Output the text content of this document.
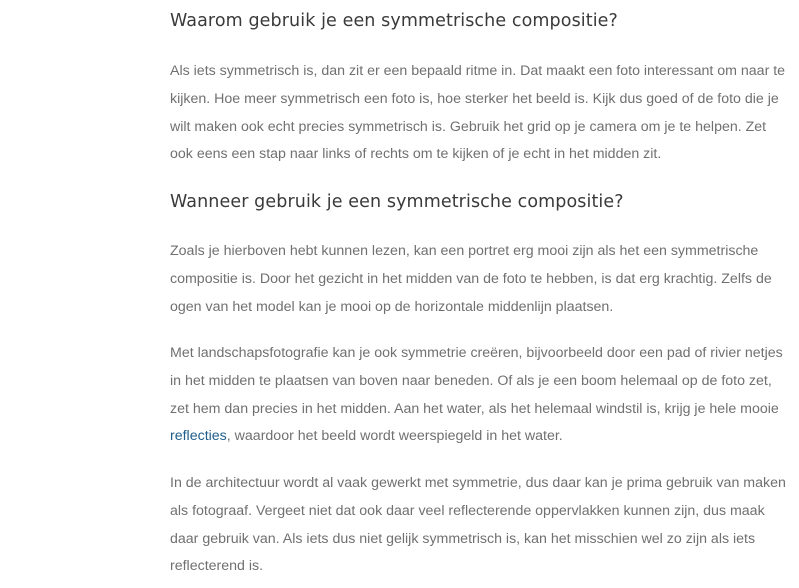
Waarom gebruik je een symmetrische compositie?

Als iets symmetrisch is, dan zit er een bepaald ritme in. Dat maakt een foto interessant om naar te kijken. Hoe meer symmetrisch een foto is, hoe sterker het beeld is. Kijk dus goed of de foto die je wilt maken ook echt precies symmetrisch is. Gebruik het grid op je camera om je te helpen. Zet ook eens een stap naar links of rechts om te kijken of je echt in het midden zit.

Wanneer gebruik je een symmetrische compositie?

Zoals je hierboven hebt kunnen lezen, kan een portret erg mooi zijn als het een symmetrische compositie is. Door het gezicht in het midden van de foto te hebben, is dat erg krachtig. Zelfs de ogen van het model kan je mooi op de horizontale middenlijn plaatsen.

Met landschapsfotografie kan je ook symmetrie creëren, bijvoorbeeld door een pad of rivier netjes in het midden te plaatsen van boven naar beneden. Of als je een boom helemaal op de foto zet, zet hem dan precies in het midden. Aan het water, als het helemaal windstil is, krijg je hele mooie reflecties, waardoor het beeld wordt weerspiegeld in het water.

In de architectuur wordt al vaak gewerkt met symmetrie, dus daar kan je prima gebruik van maken als fotograaf. Vergeet niet dat ook daar veel reflecterende oppervlakken kunnen zijn, dus maak daar gebruik van. Als iets dus niet gelijk symmetrisch is, kan het misschien wel zo zijn als iets reflecterend is.
